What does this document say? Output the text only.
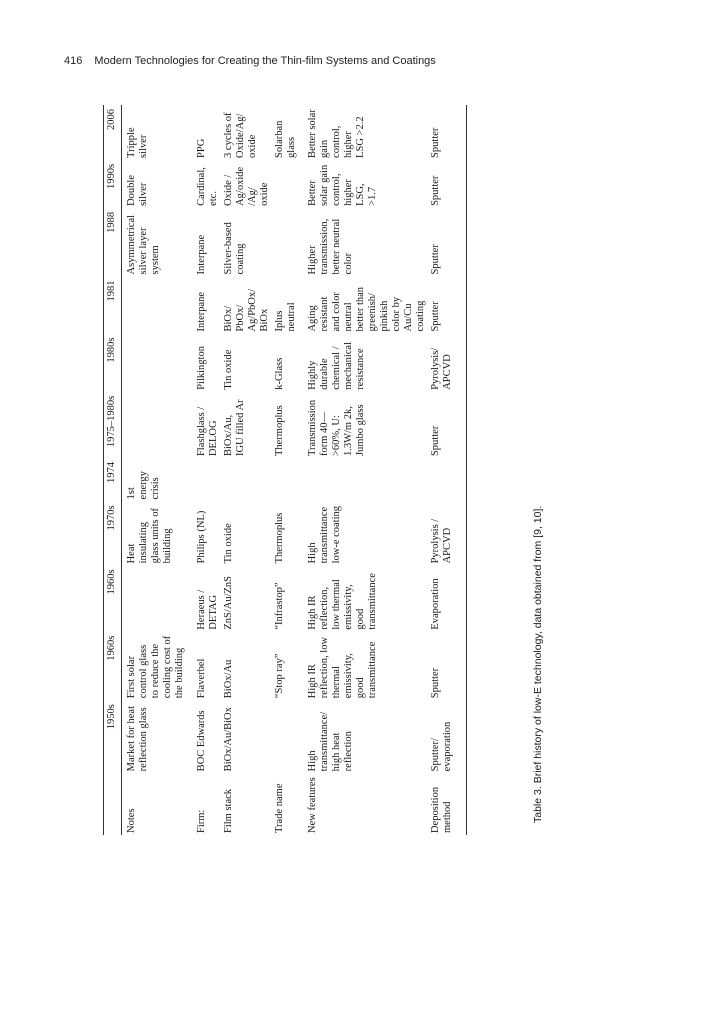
416 Modern Technologies for Creating the Thin-film Systems and Coatings
	1950s	1960s	1960s	1970s	1974	1975–1980s	1980s	1981	1988	1990s	2006
Notes	Market for heat reflection glass	First solar control glass to reduce the cooling cost of the building		Heat insulating glass units of building	1st energy crisis				Asymmetrical silver layer system	Double silver	Tripple silver
Firm:	BOC Edwards	Flaverbel	Heraeus / DETAG	Philips (NL)		Flashglass / DELOG	Pilkington	Interpane	Interpane	Cardinal, etc.	PPG
Film stack	BiOx/Au/BiOx	BiOx/Au	ZnS/Au/ZnS	Tin oxide		BiOx/Au, IGU filled Ar	Tin oxide	BiOx/ PbOx/ Ag/PbOx/ BiOx	Silver-based coating	Oxide / Ag/oxide /Ag/ oxide	3 cycles of Oxide/Ag/ oxide
Trade name		“Stop ray”	“Infrastop”	Thermoplus		Thermoplus	k-Glass	Iplus neutral			Solarban glass
New features	High transmittance/ high heat reflection	High IR reflection, low thermal emissivity, good transmittance	High IR reflection, low thermal emissivity, good transmittance	High transmittance low-e coating		Transmission form 40—>60%, U: 1.3W/m 2k, Jumbo glass	Highly durable chemical / mechanical resistance	Aging resistant and color neutral better than greenish/ pinkish color by Au/Cu coating	Higher transmission, better neutral color	Better solar gain control, higher LSG, >1.7	Better solar gain control, higher LSG >2.2
Deposition method	Sputter/ evaporation	Sputter	Evaporation	Pyrolysis / APCVD		Sputter	Pyrolysis/ APCVD	Sputter	Sputter	Sputter	Sputter
Table 3. Brief history of low-E technology, data obtained from [9, 10].
